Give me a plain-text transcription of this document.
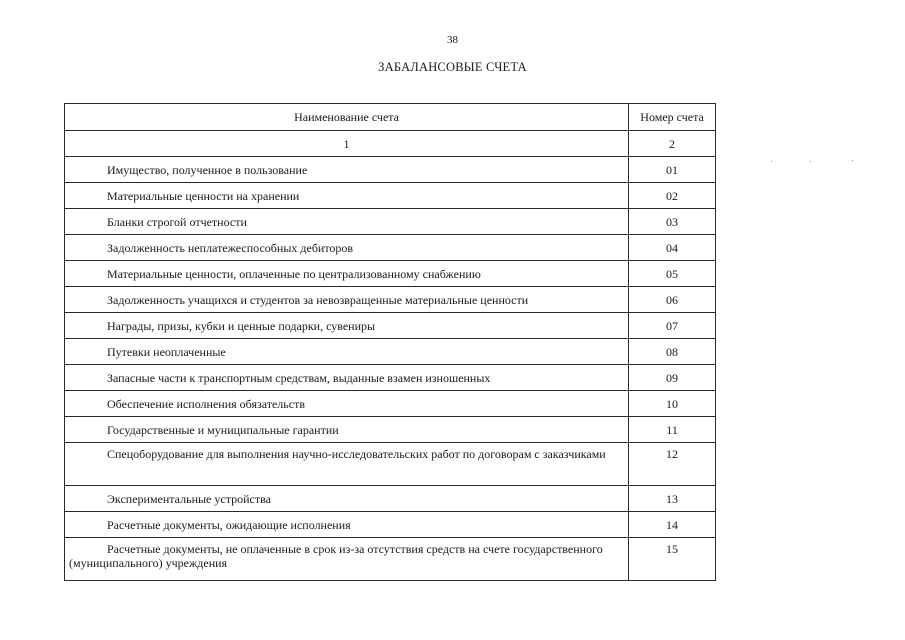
38
ЗАБАЛАНСОВЫЕ СЧЕТА
Наименование счета	Номер счета
1	2
Имущество, полученное в пользование	01
Материальные ценности на хранении	02
Бланки строгой отчетности	03
Задолженность неплатежеспособных дебиторов	04
Материальные ценности, оплаченные по централизованному снабжению	05
Задолженность учащихся и студентов за невозвращенные материальные ценности	06
Награды, призы, кубки и ценные подарки, сувениры	07
Путевки неоплаченные	08
Запасные части к транспортным средствам, выданные взамен изношенных	09
Обеспечение исполнения обязательств	10
Государственные и муниципальные гарантии	11
Спецоборудование для выполнения научно-исследовательских работ по договорам с заказчиками	12
Экспериментальные устройства	13
Расчетные документы, ожидающие исполнения	14
Расчетные документы, не оплаченные в срок из-за отсутствия средств на счете государственного (муниципального) учреждения	15
